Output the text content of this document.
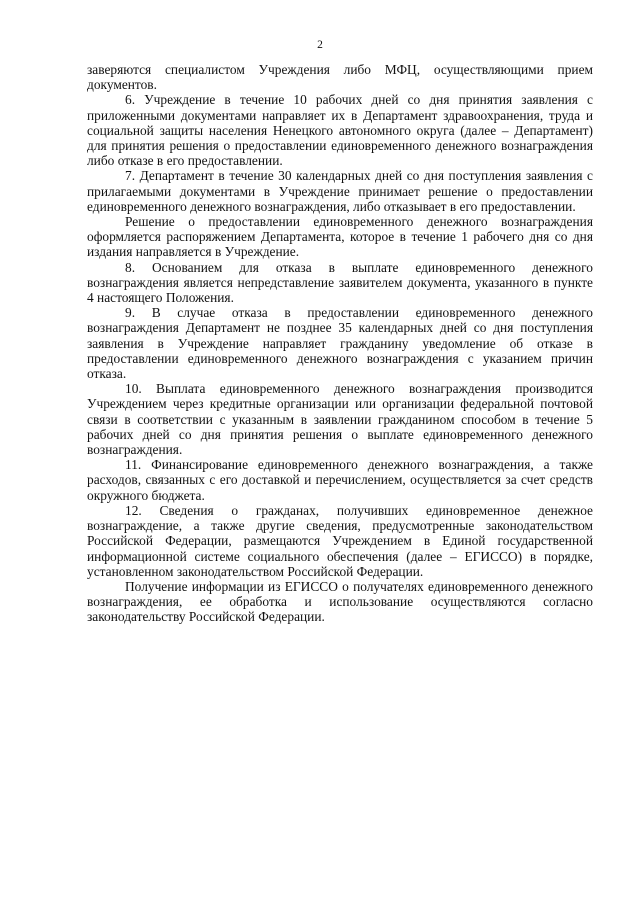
2

заверяются специалистом Учреждения либо МФЦ, осуществляющими прием документов.

6. Учреждение в течение 10 рабочих дней со дня принятия заявления с приложенными документами направляет их в Департамент здравоохранения, труда и социальной защиты населения Ненецкого автономного округа (далее – Департамент) для принятия решения о предоставлении единовременного денежного вознаграждения либо отказе в его предоставлении.

7. Департамент в течение 30 календарных дней со дня поступления заявления с прилагаемыми документами в Учреждение принимает решение о предоставлении единовременного денежного вознаграждения, либо отказывает в его предоставлении.

Решение о предоставлении единовременного денежного вознаграждения оформляется распоряжением Департамента, которое в течение 1 рабочего дня со дня издания направляется в Учреждение.

8. Основанием для отказа в выплате единовременного денежного вознаграждения является непредставление заявителем документа, указанного в пункте 4 настоящего Положения.

9. В случае отказа в предоставлении единовременного денежного вознаграждения Департамент не позднее 35 календарных дней со дня поступления заявления в Учреждение направляет гражданину уведомление об отказе в предоставлении единовременного денежного вознаграждения с указанием причин отказа.

10. Выплата единовременного денежного вознаграждения производится Учреждением через кредитные организации или организации федеральной почтовой связи в соответствии с указанным в заявлении гражданином способом в течение 5 рабочих дней со дня принятия решения о выплате единовременного денежного вознаграждения.

11. Финансирование единовременного денежного вознаграждения, а также расходов, связанных с его доставкой и перечислением, осуществляется за счет средств окружного бюджета.

12. Сведения о гражданах, получивших единовременное денежное вознаграждение, а также другие сведения, предусмотренные законодательством Российской Федерации, размещаются Учреждением в Единой государственной информационной системе социального обеспечения (далее – ЕГИССО) в порядке, установленном законодательством Российской Федерации.

Получение информации из ЕГИССО о получателях единовременного денежного вознаграждения, ее обработка и использование осуществляются согласно законодательству Российской Федерации.
